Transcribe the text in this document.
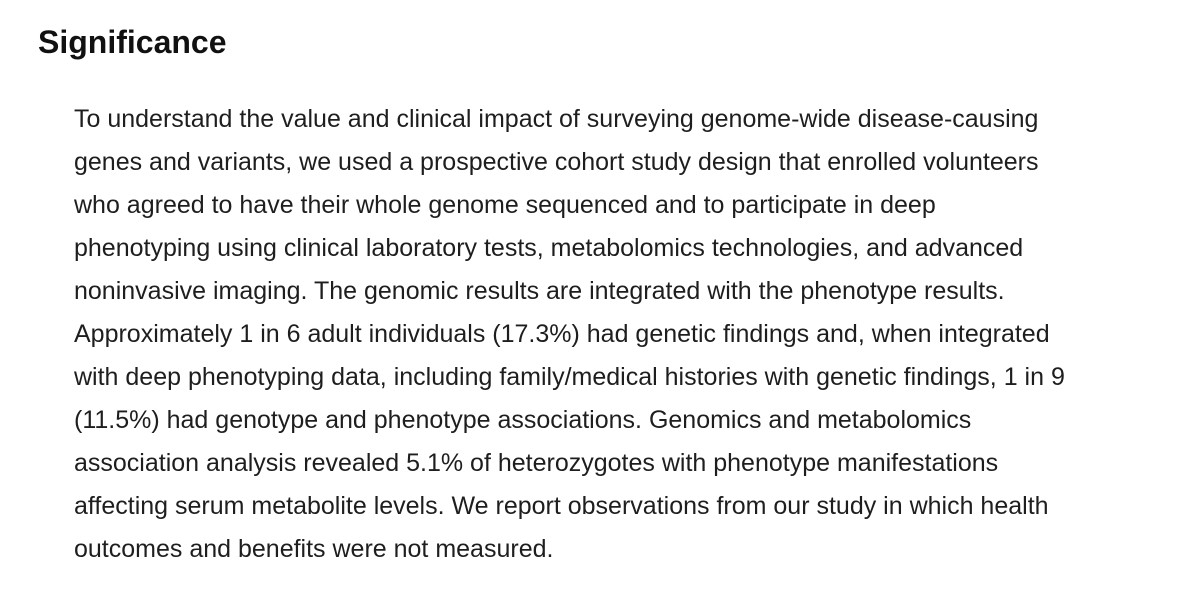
Significance
To understand the value and clinical impact of surveying genome-wide disease-causing
genes and variants, we used a prospective cohort study design that enrolled volunteers
who agreed to have their whole genome sequenced and to participate in deep
phenotyping using clinical laboratory tests, metabolomics technologies, and advanced
noninvasive imaging. The genomic results are integrated with the phenotype results.
Approximately 1 in 6 adult individuals (17.3%) had genetic findings and, when integrated
with deep phenotyping data, including family/medical histories with genetic findings, 1 in 9
(11.5%) had genotype and phenotype associations. Genomics and metabolomics
association analysis revealed 5.1% of heterozygotes with phenotype manifestations
affecting serum metabolite levels. We report observations from our study in which health
outcomes and benefits were not measured.
